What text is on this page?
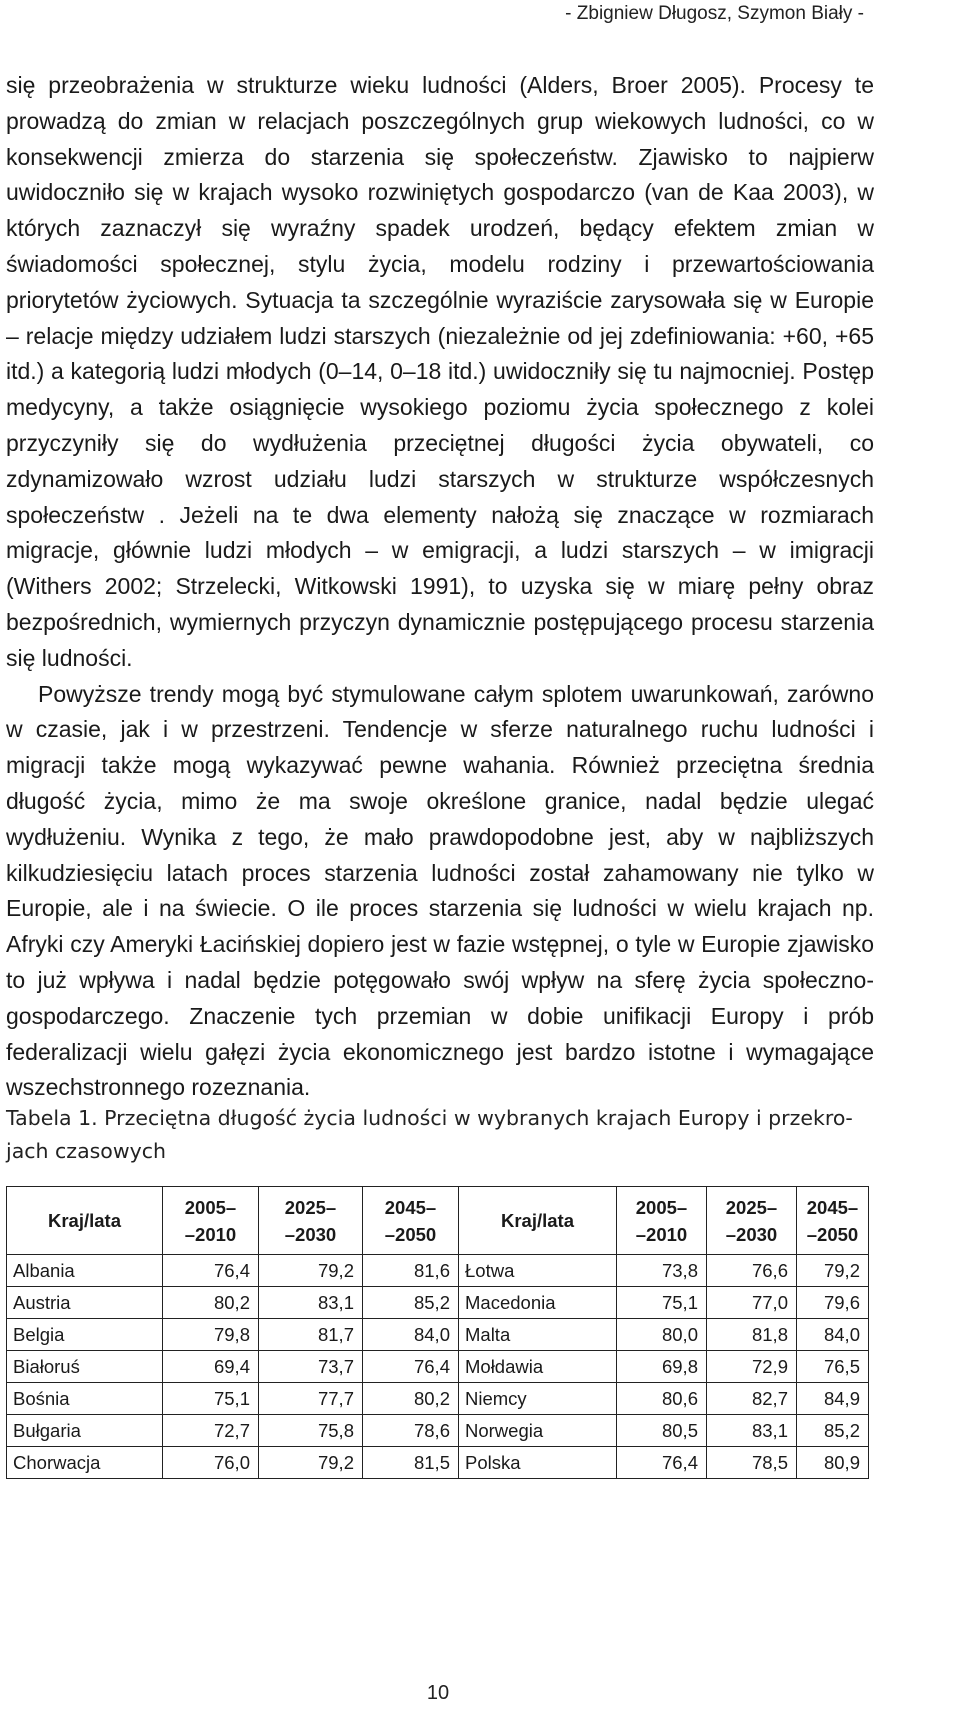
- Zbigniew Długosz, Szymon Biały -

się przeobrażenia w strukturze wieku ludności (Alders, Broer 2005). Procesy te prowadzą do zmian w relacjach poszczególnych grup wiekowych ludności, co w konsekwencji zmierza do starzenia się społeczeństw. Zjawisko to najpierw uwidoczniło się w krajach wysoko rozwiniętych gospodarczo (van de Kaa 2003), w których zaznaczył się wyraźny spadek urodzeń, będący efektem zmian w świadomości społecznej, stylu życia, modelu rodziny i przewartościowania priorytetów życiowych. Sytuacja ta szczególnie wyraziście zarysowała się w Europie – relacje między udziałem ludzi starszych (niezależnie od jej zdefiniowania: +60, +65 itd.) a kategorią ludzi młodych (0–14, 0–18 itd.) uwidoczniły się tu najmocniej. Postęp medycyny, a także osiągnięcie wysokiego poziomu życia społecznego z kolei przyczyniły się do wydłużenia przeciętnej długości życia obywateli, co zdynamizowało wzrost udziału ludzi starszych w strukturze współczesnych społeczeństw . Jeżeli na te dwa elementy nałożą się znaczące w rozmiarach migracje, głównie ludzi młodych – w emigracji, a ludzi starszych – w imigracji (Withers 2002; Strzelecki, Witkowski 1991), to uzyska się w miarę pełny obraz bezpośrednich, wymiernych przyczyn dynamicznie postępującego procesu starzenia się ludności.

Powyższe trendy mogą być stymulowane całym splotem uwarunkowań, zarówno w czasie, jak i w przestrzeni. Tendencje w sferze naturalnego ruchu ludności i migracji także mogą wykazywać pewne wahania. Również przeciętna średnia długość życia, mimo że ma swoje określone granice, nadal będzie ulegać wydłużeniu. Wynika z tego, że mało prawdopodobne jest, aby w najbliższych kilkudziesięciu latach proces starzenia ludności został zahamowany nie tylko w Europie, ale i na świecie. O ile proces starzenia się ludności w wielu krajach np. Afryki czy Ameryki Łacińskiej dopiero jest w fazie wstępnej, o tyle w Europie zjawisko to już wpływa i nadal będzie potęgowało swój wpływ na sferę życia społeczno-gospodarczego. Znaczenie tych przemian w dobie unifikacji Europy i prób federalizacji wielu gałęzi życia ekonomicznego jest bardzo istotne i wymagające wszechstronnego rozeznania.

Tabela 1. Przeciętna długość życia ludności w wybranych krajach Europy i przekrojach czasowych
Kraj/lata	2005–
–2010	2025–
–2030	2045–
–2050	Kraj/lata	2005–
–2010	2025–
–2030	2045–
–2050

Albania	76,4	79,2	81,6	Łotwa	73,8	76,6	79,2
Austria	80,2	83,1	85,2	Macedonia	75,1	77,0	79,6
Belgia	79,8	81,7	84,0	Malta	80,0	81,8	84,0
Białoruś	69,4	73,7	76,4	Mołdawia	69,8	72,9	76,5
Bośnia	75,1	77,7	80,2	Niemcy	80,6	82,7	84,9
Bułgaria	72,7	75,8	78,6	Norwegia	80,5	83,1	85,2
Chorwacja	76,0	79,2	81,5	Polska	76,4	78,5	80,9
10
